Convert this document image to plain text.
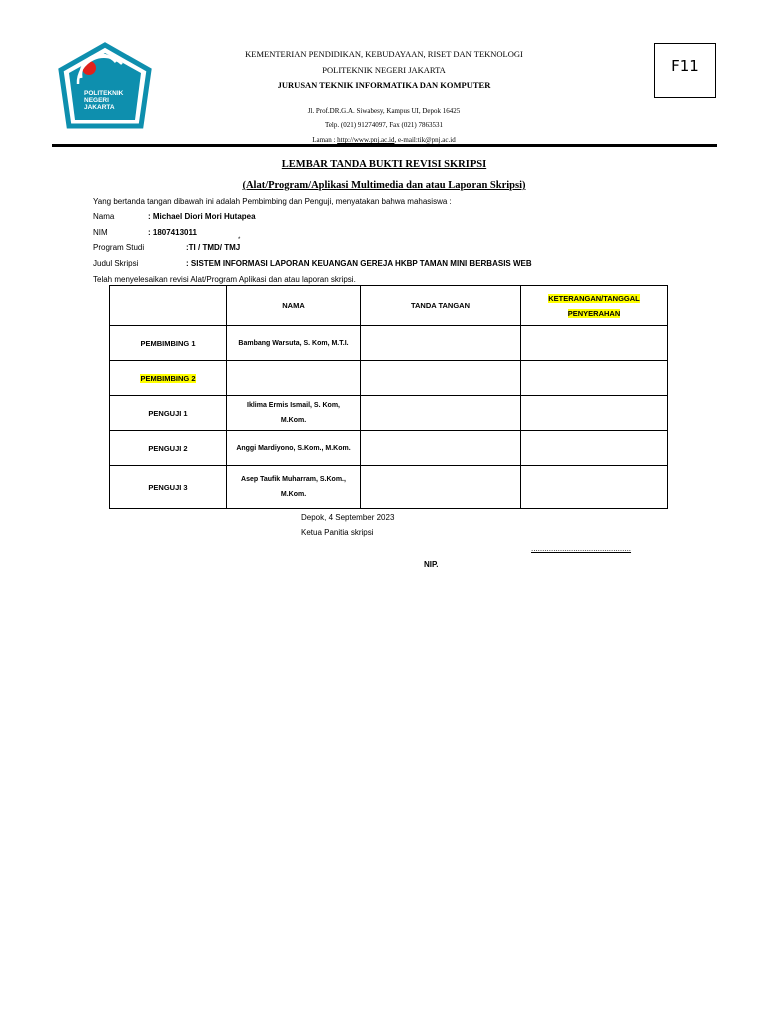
POLITEKNIK
NEGERI
JAKARTA
KEMENTERIAN PENDIDIKAN, KEBUDAYAAN, RISET DAN TEKNOLOGI
POLITEKNIK NEGERI JAKARTA
JURUSAN TEKNIK INFORMATIKA DAN KOMPUTER
Jl. Prof.DR.G.A. Siwabesy, Kampus UI, Depok 16425
Telp. (021) 91274097, Fax (021) 7863531
Laman : http://www.pnj.ac.id, e-mail:tik@pnj.ac.id
F11
LEMBAR TANDA BUKTI REVISI SKRIPSI
(Alat/Program/Aplikasi Multimedia dan atau Laporan Skripsi)
Yang bertanda tangan dibawah ini adalah Pembimbing dan Penguji, menyatakan bahwa mahasiswa :
Nama	: Michael Diori Mori Hutapea
NIM	: 1807413011
Program Studi	:TI / TMD/ TMJ
*
Judul Skripsi	: SISTEM INFORMASI LAPORAN KEUANGAN GEREJA HKBP TAMAN MINI BERBASIS WEB
Telah menyelesaikan revisi Alat/Program Aplikasi dan atau laporan skripsi.
	NAMA	TANDA TANGAN	KETERANGAN/TANGGAL
PENYERAHAN
PEMBIMBING 1	Bambang Warsuta, S. Kom, M.T.I.		
PEMBIMBING 2			
PENGUJI 1	Iklima Ermis Ismail, S. Kom,
M.Kom.		
PENGUJI 2	Anggi Mardiyono, S.Kom., M.Kom.		
PENGUJI 3	Asep Taufik Muharram, S.Kom.,
M.Kom.		
Depok, 4 September 2023
Ketua Panitia skripsi
.............................................
NIP.
